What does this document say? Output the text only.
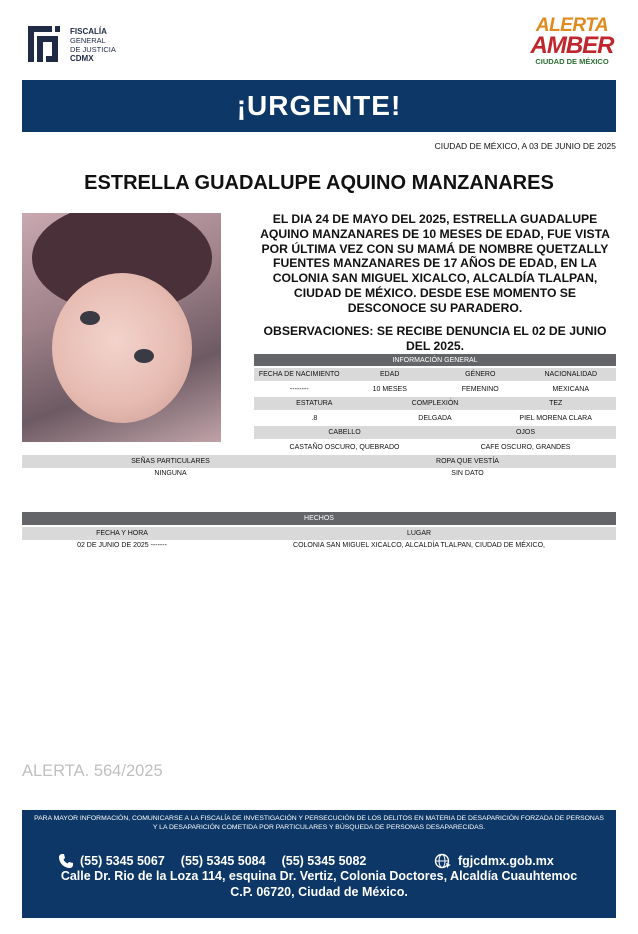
FISCALÍA
GENERAL
DE JUSTICIA

CDMX
ALERTA
AMBER
CIUDAD DE MÉXICO
¡URGENTE!
CIUDAD DE MÉXICO, A 03 DE JUNIO DE 2025
ESTRELLA GUADALUPE AQUINO MANZANARES
EL DIA 24 DE MAYO DEL 2025, ESTRELLA GUADALUPE AQUINO MANZANARES DE 10 MESES DE EDAD, FUE VISTA POR ÚLTIMA VEZ CON SU MAMÁ DE NOMBRE QUETZALLY FUENTES MANZANARES DE 17 AÑOS DE EDAD, EN LA COLONIA SAN MIGUEL XICALCO, ALCALDÍA TLALPAN, CIUDAD DE MÉXICO. DESDE ESE MOMENTO SE DESCONOCE SU PARADERO.
OBSERVACIONES: SE RECIBE DENUNCIA EL 02 DE JUNIO DEL 2025.
INFORMACIÓN GENERAL
FECHA DE NACIMIENTO	EDAD	GÉNERO	NACIONALIDAD
--------	10 MESES	FEMENINO	MEXICANA
ESTATURA	COMPLEXIÓN	TEZ
.8	DELGADA	PIEL MORENA CLARA
CABELLO	OJOS
CASTAÑO OSCURO, QUEBRADO	CAFE OSCURO, GRANDES
SEÑAS PARTICULARES	ROPA QUE VESTÍA
NINGUNA	SIN DATO
HECHOS
FECHA Y HORA	LUGAR
02 DE JUNIO DE 2025 -------	COLONIA SAN MIGUEL XICALCO, ALCALDÍA TLALPAN, CIUDAD DE MÉXICO,
ALERTA. 564/2025
PARA MAYOR INFORMACIÓN, COMUNICARSE A LA FISCALÍA DE INVESTIGACIÓN Y PERSECUCIÓN DE LOS DELITOS EN MATERIA DE DESAPARICIÓN FORZADA DE PERSONAS Y LA DESAPARICIÓN COMETIDA POR PARTICULARES Y BÚSQUEDA DE PERSONAS DESAPARECIDAS.
(55) 5345 5067 (55) 5345 5084 (55) 5345 5082	fgjcdmx.gob.mx
Calle Dr. Rio de la Loza 114, esquina Dr. Vertiz, Colonia Doctores, Alcaldía Cuauhtemoc
C.P. 06720, Ciudad de México.
